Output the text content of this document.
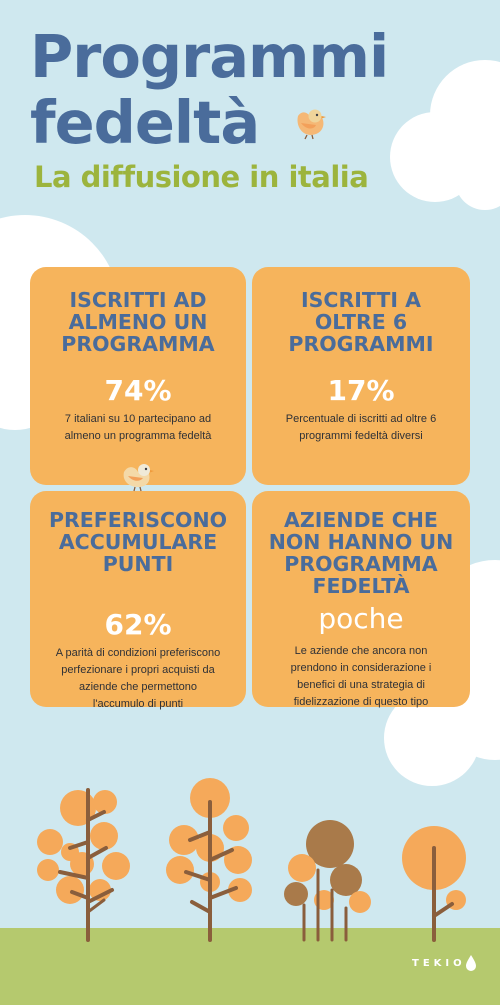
Programmi
fedeltà
La diffusione in italia
ISCRITTI AD
ALMENO UN
PROGRAMMA
74%

7 italiani su 10 partecipano ad
almeno un programma fedeltà

ISCRITTI A
OLTRE 6
PROGRAMMI
17%

Percentuale di iscritti ad oltre 6
programmi fedeltà diversi

PREFERISCONO
ACCUMULARE
PUNTI
62%

A parità di condizioni preferiscono
perfezionare i propri acquisti da
aziende che permettono
l'accumulo di punti

AZIENDE CHE
NON HANNO UN
PROGRAMMA
FEDELTÀ
poche

Le aziende che ancora non
prendono in considerazione i
benefici di una strategia di
fidelizzazione di questo tipo

TEKIO
